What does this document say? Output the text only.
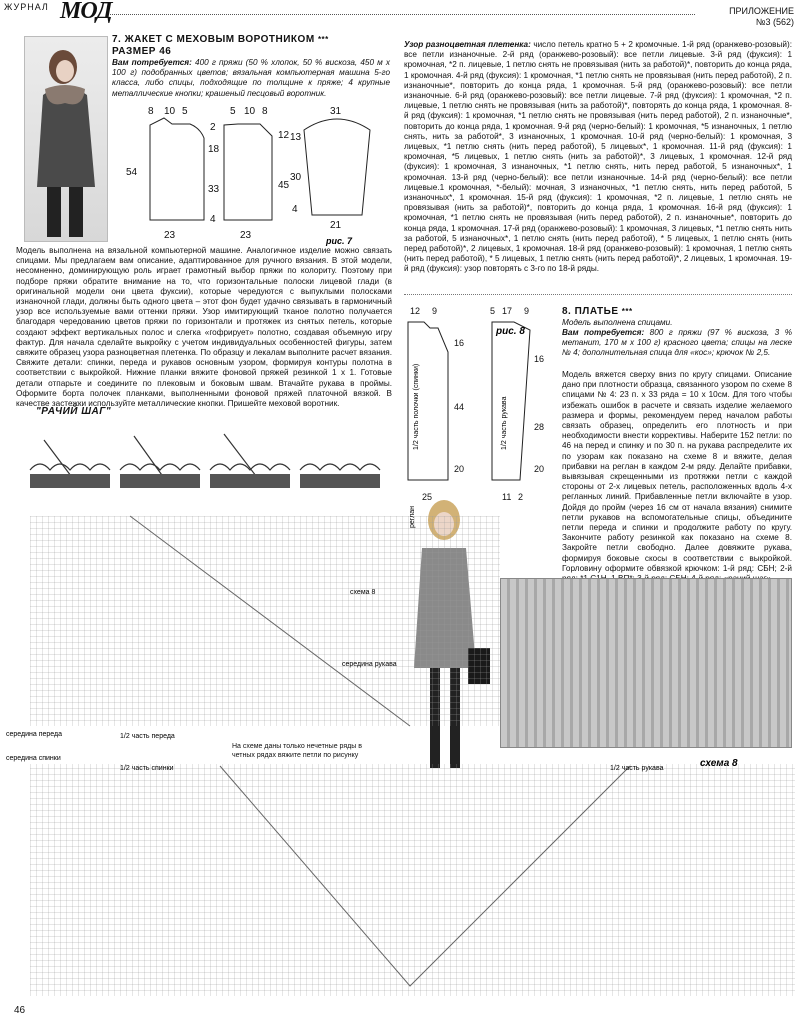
ЖУРНАЛ МОД	ПРИЛОЖЕНИЕ
№3 (562)
7. ЖАКЕТ С МЕХОВЫМ ВОРОТНИКОМ ***
РАЗМЕР 46
Вам потребуется: 400 г пряжи (50 % хлопок, 50 % вискоза, 450 м x 100 г) подобранных цветов; вязальная компьютерная машина 5-го класса, либо спицы, подходящие по толщине к пряже; 4 крупные металлические кнопки; крашеный песцовый воротник.
8 10 5	5 10 8
54
2
18
33
4
12
45
23	23
31
13
30
4
21
рис. 7
Модель выполнена на вязальной компьютерной машине. Аналогичное изделие можно связать спицами. Мы предлагаем вам описание, адаптированное для ручного вязания. В этой модели, несомненно, доминирующую роль играет грамотный выбор пряжи по колориту. Поэтому при подборе пряжи обратите внимание на то, что горизонтальные полоски лицевой глади (в оригинальной модели они цвета фуксии), которые чередуются с выпуклыми полосками изнаночной глади, должны быть одного цвета – этот фон будет удачно связывать в гармоничный узор все используемые вами оттенки пряжи. Узор имитирующий тканое полотно получается благодаря чередованию цветов пряжи по горизонтали и протяжек из снятых петель, которые создают эффект вертикальных полос и слегка «гофрирует» полотно, создавая объемную игру фактур. Для начала сделайте выкройку с учетом индивидуальных особенностей фигуры, затем свяжите образец узора разноцветная плетенка. По образцу и лекалам выполните расчет вязания. Свяжите детали: спинки, переда и рукавов основным узором, формируя контуры полотна в соответствии с выкройкой. Нижние планки вяжите фоновой пряжей резинкой 1 x 1. Готовые детали отпарьте и соедините по плековым и боковым швам. Втачайте рукава в проймы. Оформите борта полочек планками, выполненными фоновой пряжей платочной вязкой. В качестве застежки используйте металлические кнопки. Пришейте меховой воротник.
Узор разноцветная плетенка: число петель кратно 5 + 2 кромочные. 1-й ряд (оранжево-розовый): все петли изнаночные. 2-й ряд (оранжево-розовый): все петли лицевые. 3-й ряд (фуксия): 1 кромочная, *2 п. лицевые, 1 петлю снять не провязывая (нить за работой)*, повторить до конца ряда, 1 кромочная. 4-й ряд (фуксия): 1 кромочная, *1 петлю снять не провязывая (нить перед работой), 2 п. изнаночные*, повторить до конца ряда, 1 кромочная. 5-й ряд (оранжево-розовый): все петли изнаночные. 6-й ряд (оранжево-розовый): все петли лицевые. 7-й ряд (фуксия): 1 кромочная, *2 п. лицевые, 1 петлю снять не провязывая (нить за работой)*, повторять до конца ряда, 1 кромочная. 8-й ряд (фуксия): 1 кромочная, *1 петлю снять не провязывая (нить перед работой), 2 п. изнаночные*, повторить до конца ряда, 1 кромочная. 9-й ряд (черно-белый): 1 кромочная, *5 изнаночных, 1 петлю снять, нить за работой*, 3 изнаночных, 1 кромочная. 10-й ряд (черно-белый): 1 кромочная, 3 лицевых, *1 петлю снять (нить перед работой), 5 лицевых*, 1 кромочная. 11-й ряд (фуксия): 1 кромочная, *5 лицевых, 1 петлю снять (нить за работой)*, 3 лицевых, 1 кромочная. 12-й ряд (фуксия): 1 кромочная, 3 изнаночных, *1 петлю снять, нить перед работой, 5 изнаночных*, 1 кромочная. 13-й ряд (черно-белый): все петли изнаночные. 14-й ряд (черно-белый): все петли лицевые.1 кромочная, *-белый): мочная, 3 изнаночных, *1 петлю снять, нить перед работой, 5 изнаночных*, 1 кромочная. 15-й ряд (фуксия): 1 кромочная, *2 п. лицевые, 1 петлю снять не провязывая (нить за работой)*, повторить до конца ряда, 1 кромочная. 16-й ряд (фуксия): 1 кромочная, *1 петлю снять не провязывая (нить перед работой), 2 п. изнаночные*, повторить до конца ряда, 1 кромочная. 17-й ряд (оранжево-розовый): 1 кромочная, 3 лицевых, *1 петлю снять нить за работой, 5 изнаночных*, 1 петлю снять (нить перед работой), * 5 лицевых, 1 петлю снять (нить перед работой)*, 2 лицевых, 1 кромочная. 18-й ряд (оранжево-розовый): 1 кромочная, 1 петлю снять (нить перед работой), * 5 лицевых, 1 петлю снять (нить перед работой)*, 2 лицевых, 1 кромочная. 19-й ряд (фуксия): узор повторять с 3-го по 18-й ряды.
12 9	5 17 9
16
44
20
25
16
28
20
11 2
1/2 часть полочки (спинки)	1/2 часть рукава
рис. 8
8. ПЛАТЬЕ ***
Модель выполнена спицами.
Вам потребуется: 800 г пряжи (97 % вискоза, 3 % метанит, 170 м x 100 г) красного цвета; спицы на леске № 4; дополнительная спица для «кос»; крючок № 2,5.
Модель вяжется сверху вниз по кругу спицами. Описание дано при плотности образца, связанного узором по схеме 8 спицами № 4: 23 п. x 33 ряда = 10 x 10см. Для того чтобы избежать ошибок в расчете и связать изделие желаемого размера и формы, рекомендуем перед началом работы связать образец, определить его плотность и при необходимости внести коррективы. Наберите 152 петли: по 46 на перед и спинку и по 30 п. на рукава распределите их по узорам как показано на схеме 8 и вяжите, делая прибавки на реглан в каждом 2-м ряду. Делайте прибавки, вывязывая скрещенными из протяжки петли с каждой стороны от 2-х лицевых петель, расположенных вдоль 4-х регланных линий. Прибавленные петли включайте в узор. Дойдя до пройм (через 16 см от начала вязания) снимите петли рукавов на вспомогательные спицы, объедините петли переда и спинки и продолжите работу по кругу. Закончите работу резинкой как показано на схеме 8. Закройте петли свободно. Далее довяжите рукава, формируя боковые скосы в соответствии с выкройкой. Горловину оформите обвязкой крючком: 1-й ряд: СБН; 2-й
"РАЧИЙ ШАГ"
схема 8
реглан
середина рукава
середина переда
середина спинки
1/2 часть переда
1/2 часть спинки	1/2 часть рукава	схема 8
На схеме даны только нечетные ряды в четных рядах вяжите петли по рисунку
46
